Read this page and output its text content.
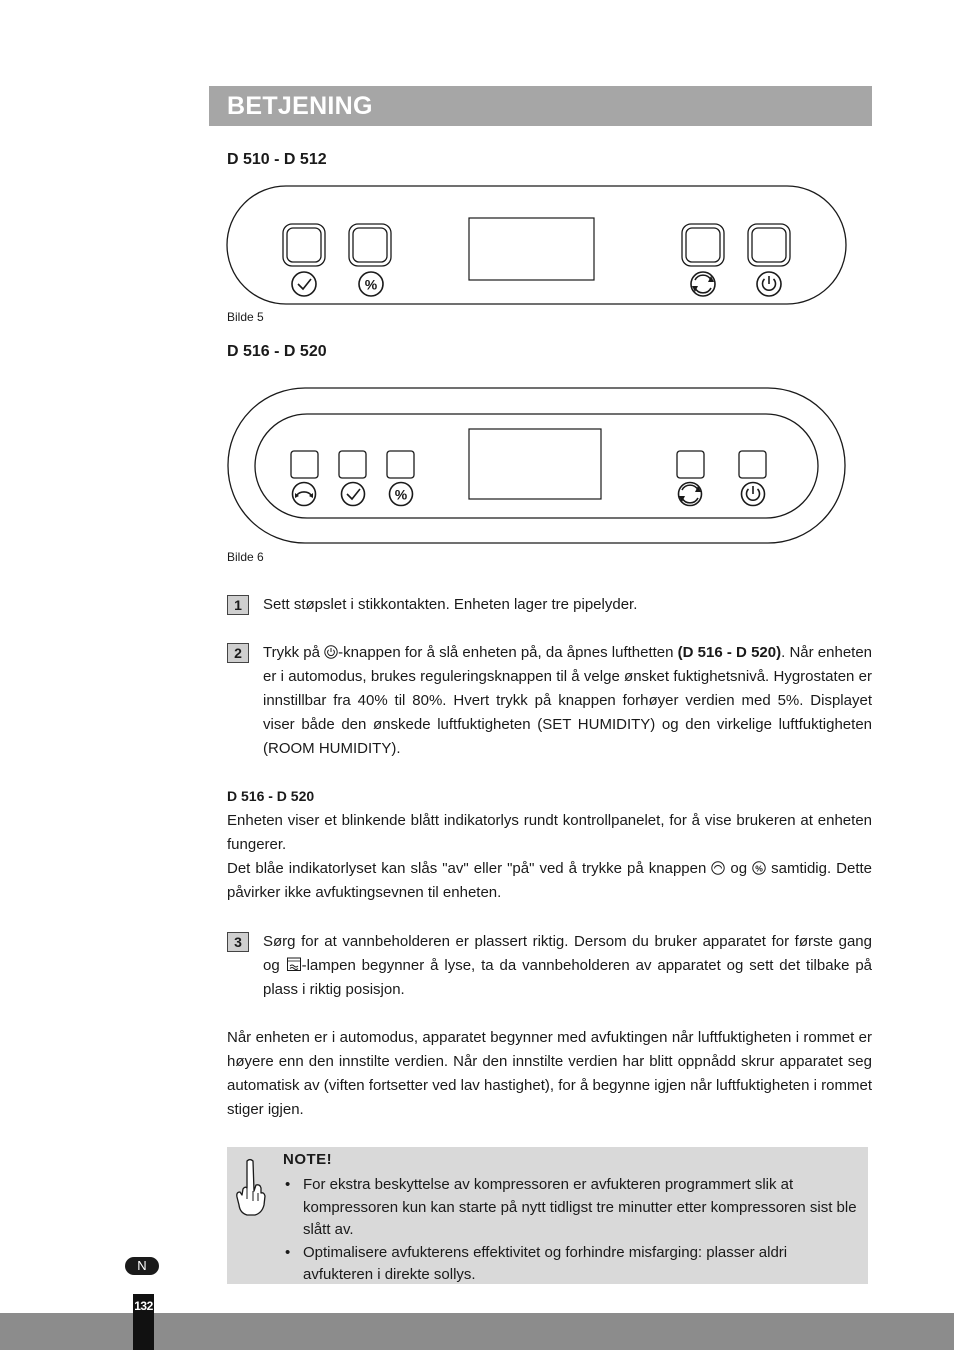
BETJENING
D 510 - D 512
%
Bilde 5
D 516 - D 520
%
Bilde 6
1	Sett støpslet i stikkontakten. Enheten lager tre pipelyder.
2	Trykk på -knappen for å slå enheten på, da åpnes lufthetten (D 516 - D 520). Når enheten er i automodus, brukes reguleringsknappen til å velge ønsket fuktighetsnivå. Hygrostaten er innstillbar fra 40% til 80%. Hvert trykk på knappen forhøyer verdien med 5%. Displayet viser både den ønskede luftfuktigheten (SET HUMIDITY) og den virkelige luftfuktigheten (ROOM HUMIDITY).
D 516 - D 520
Enheten viser et blinkende blått indikatorlys rundt kontrollpanelet, for å vise brukeren at enheten fungerer.
Det blåe indikatorlyset kan slås "av" eller "på" ved å trykke på knappen  og % samtidig. Dette påvirker ikke avfuktingsevnen til enheten.
3	Sørg for at vannbeholderen er plassert riktig. Dersom du bruker apparatet for første gang og -lampen begynner å lyse, ta da vannbeholderen av apparatet og sett det tilbake på plass i riktig posisjon.
Når enheten er i automodus, apparatet begynner med avfuktingen når luftfuktigheten i rommet er høyere enn den innstilte verdien. Når den innstilte verdien har blitt oppnådd skrur apparatet seg automatisk av (viften fortsetter ved lav hastighet), for å begynne igjen når luftfuktigheten i rommet stiger igjen.
NOTE!
• For ekstra beskyttelse av kompressoren er avfukteren programmert slik at kompressoren kun kan starte på nytt tidligst tre minutter etter kompressoren sist ble slått av.
• Optimalisere avfukterens effektivitet og forhindre misfarging: plasser aldri avfukteren i direkte sollys.
N
132
